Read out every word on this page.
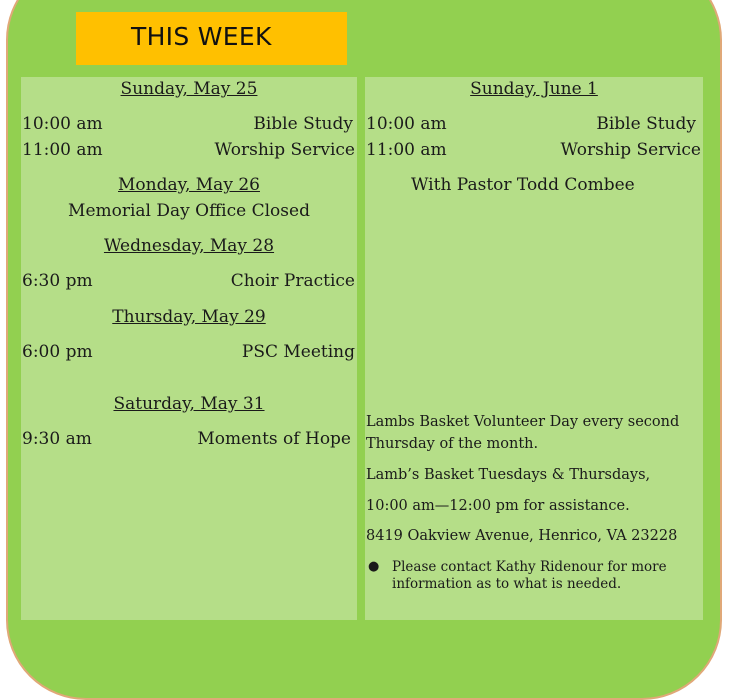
THIS WEEK
Sunday, May 25
10:00 am	Bible Study
11:00 am	Worship Service
Monday, May 26
Memorial Day Office Closed
Wednesday, May 28
6:30 pm	Choir Practice
Thursday, May 29
6:00 pm	PSC Meeting
Saturday, May 31
9:30 am	Moments of Hope
Sunday, June 1
10:00 am	Bible Study
11:00 am	Worship Service
With Pastor Todd Combee
Lambs Basket Volunteer Day every second
Thursday of the month.
Lamb’s Basket Tuesdays & Thursdays,
10:00 am—12:00 pm for assistance.
8419 Oakview Avenue, Henrico, VA 23228
● Please contact Kathy Ridenour for more
information as to what is needed.
